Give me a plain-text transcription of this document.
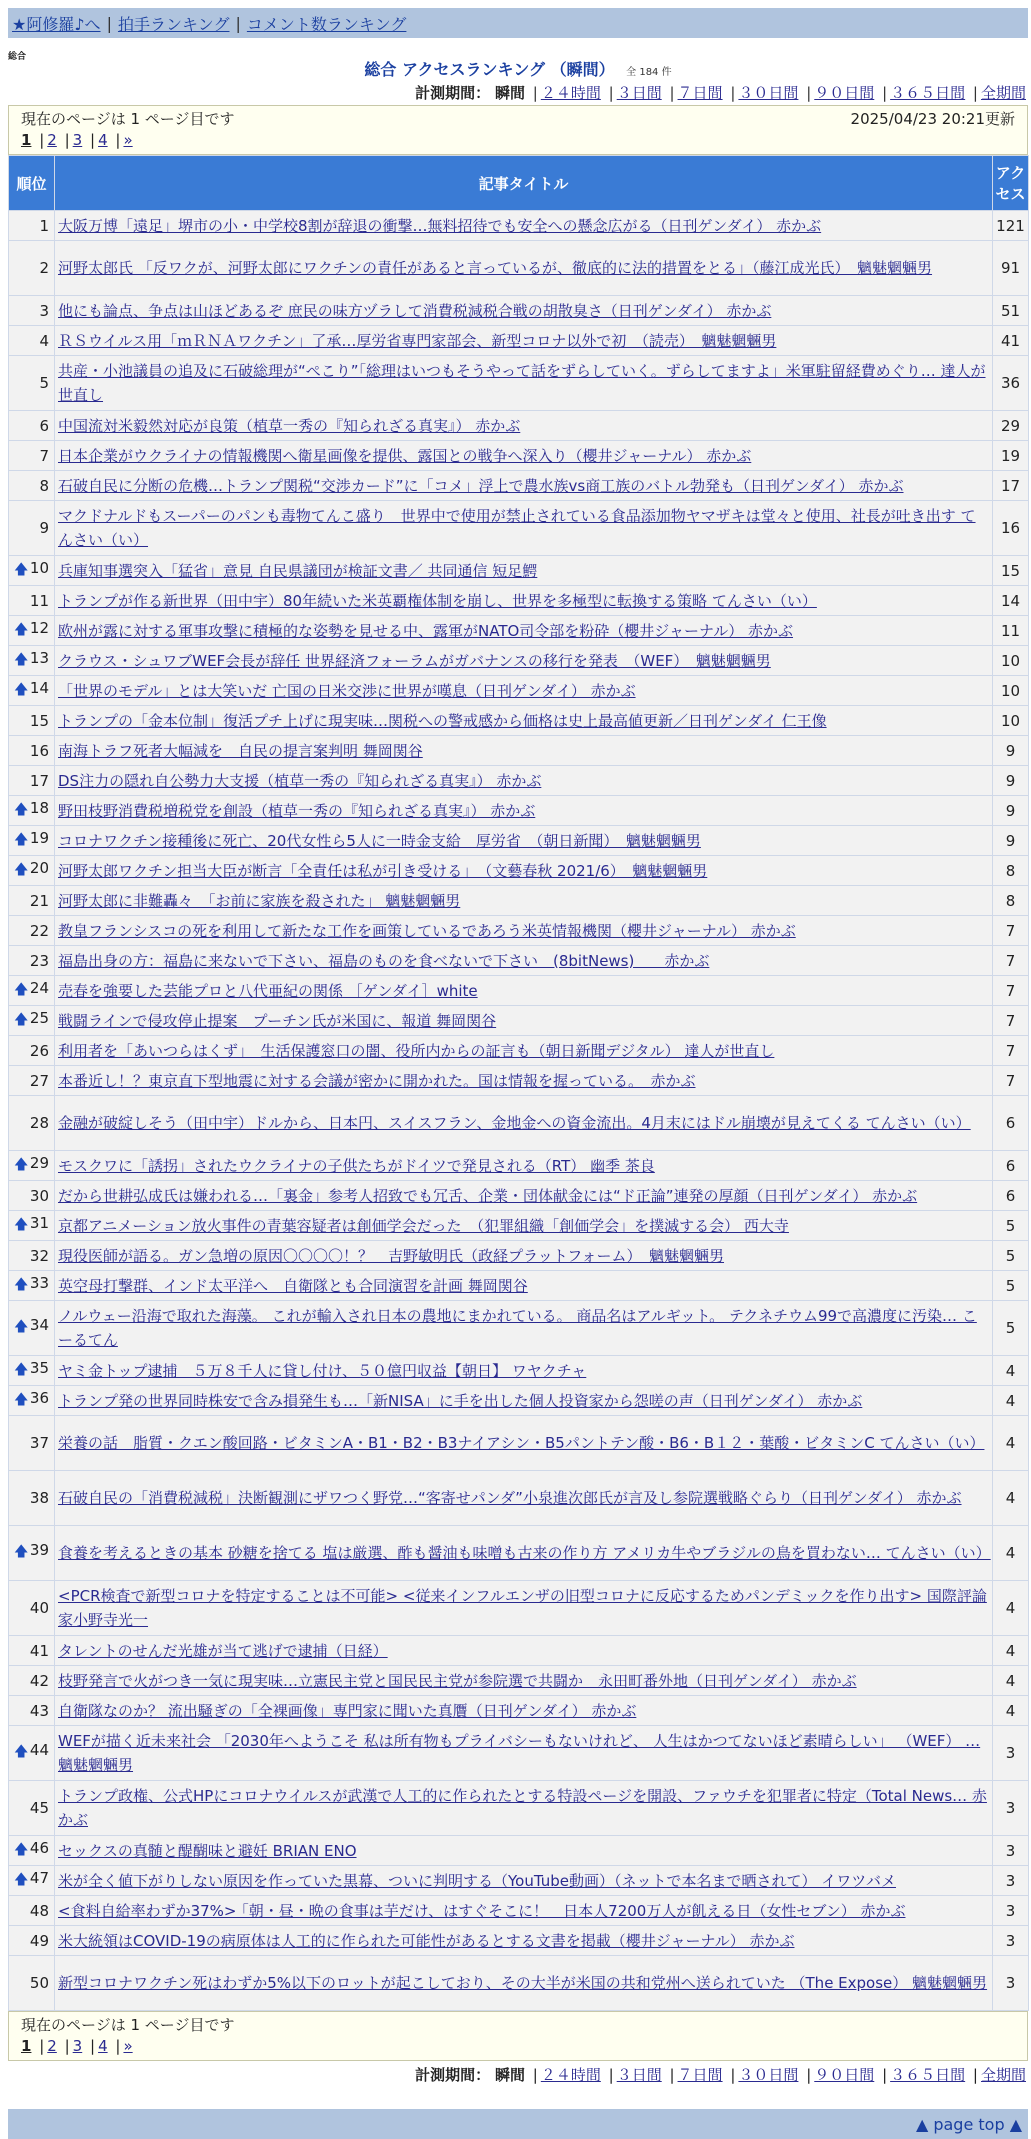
★阿修羅♪へ | 拍手ランキング | コメント数ランキング
総合
総合 アクセスランキング （瞬間） 全 184 件
計測期間： 瞬間 | ２４時間 | ３日間 | ７日間 | ３０日間 | ９０日間 | ３６５日間 | 全期間
現在のページは 1 ページ目です	2025/04/23 20:21更新
1 | 2 | 3 | 4 | »
順位	記事タイトル	アクセス
1	大阪万博「遠足」堺市の小・中学校8割が辞退の衝撃…無料招待でも安全への懸念広がる（日刊ゲンダイ） 赤かぶ	121
2	河野太郎氏 「反ワクが、河野太郎にワクチンの責任があると言っているが、徹底的に法的措置をとる」（藤江成光氏）　魑魅魍魎男	91
3	他にも論点、争点は山ほどあるぞ 庶民の味方ヅラして消費税減税合戦の胡散臭さ（日刊ゲンダイ） 赤かぶ	51
4	ＲＳウイルス用「ｍＲＮＡワクチン」了承…厚労省専門家部会、新型コロナ以外で初　（読売）　魑魅魍魎男	41
5	共産・小池議員の追及に石破総理が“ぺこり”「総理はいつもそうやって話をずらしていく。ずらしてますよ」米軍駐留経費めぐり… 達人が世直し	36
6	中国流対米毅然対応が良策（植草一秀の『知られざる真実』） 赤かぶ	29
7	日本企業がウクライナの情報機関へ衛星画像を提供、露国との戦争へ深入り（櫻井ジャーナル） 赤かぶ	19
8	石破自民に分断の危機…トランプ関税“交渉カード”に「コメ」浮上で農水族vs商工族のバトル勃発も（日刊ゲンダイ） 赤かぶ	17
9	マクドナルドもスーパーのパンも毒物てんこ盛り　世界中で使用が禁止されている食品添加物ヤマザキは堂々と使用、社長が吐き出す てんさい（い）	16

🡅 10	兵庫知事選突入「猛省」意見 自民県議団が検証文書／ 共同通信 短足鰐	15
11	トランプが作る新世界（田中宇）80年続いた米英覇権体制を崩し、世界を多極型に転換する策略 てんさい（い）	14

🡅 12	欧州が露に対する軍事攻撃に積極的な姿勢を見せる中、露軍がNATO司令部を粉砕（櫻井ジャーナル） 赤かぶ	11

🡅 13	クラウス・シュワブWEF会長が辞任 世界経済フォーラムがガバナンスの移行を発表　（WEF）　魑魅魍魎男	10

🡅 14	「世界のモデル」とは大笑いだ 亡国の日米交渉に世界が嘆息（日刊ゲンダイ） 赤かぶ	10
15	トランプの「金本位制」復活プチ上げに現実味…関税への警戒感から価格は史上最高値更新／日刊ゲンダイ 仁王像	10
16	南海トラフ死者大幅減を　自民の提言案判明 舞岡関谷	9
17	DS注力の隠れ自公勢力大支援（植草一秀の『知られざる真実』） 赤かぶ	9

🡅 18	野田枝野消費税増税党を創設（植草一秀の『知られざる真実』） 赤かぶ	9

🡅 19	コロナワクチン接種後に死亡、20代女性ら5人に一時金支給　厚労省　（朝日新聞）　魑魅魍魎男	9

🡅 20	河野太郎ワクチン担当大臣が断言「全責任は私が引き受ける」　（文藝春秋 2021/6）　魑魅魍魎男	8
21	河野太郎に非難轟々　「お前に家族を殺された」 魑魅魍魎男	8
22	教皇フランシスコの死を利用して新たな工作を画策しているであろう米英情報機関（櫻井ジャーナル） 赤かぶ	7
23	福島出身の方：福島に来ないで下さい、福島のものを食べないで下さい　(8bitNews)　　赤かぶ	7

🡅 24	売春を強要した芸能プロと八代亜紀の関係 ［ゲンダイ］white	7

🡅 25	戦闘ラインで侵攻停止提案　プーチン氏が米国に、報道 舞岡関谷	7
26	利用者を「あいつらはくず」　生活保護窓口の闇、役所内からの証言も（朝日新聞デジタル） 達人が世直し	7
27	本番近し！？東京直下型地震に対する会議が密かに開かれた。国は情報を握っている。　赤かぶ	7
28	金融が破綻しそう（田中宇）ドルから、日本円、スイスフラン、金地金への資金流出。4月末にはドル崩壊が見えてくる てんさい（い）	6

🡅 29	モスクワに「誘拐」されたウクライナの子供たちがドイツで発見される（RT） 幽季 茶良	6
30	だから世耕弘成氏は嫌われる…「裏金」参考人招致でも冗舌、企業・団体献金には“ド正論”連発の厚顔（日刊ゲンダイ） 赤かぶ	6

🡅 31	京都アニメーション放火事件の青葉容疑者は創価学会だった　（犯罪組織「創価学会」を撲滅する会） 西大寺	5
32	現役医師が語る。ガン急増の原因〇〇〇〇！？　吉野敏明氏（政経プラットフォーム）　魑魅魍魎男	5

🡅 33	英空母打撃群、インド太平洋へ　自衛隊とも合同演習を計画 舞岡関谷	5

🡅 34	ノルウェー沿海で取れた海藻。 これが輸入され日本の農地にまかれている。 商品名はアルギット。 テクネチウム99で高濃度に汚染… こーるてん	5

🡅 35	ヤミ金トップ逮捕　５万８千人に貸し付け、５０億円収益【朝日】 ワヤクチャ	4

🡅 36	トランプ発の世界同時株安で含み損発生も…「新NISA」に手を出した個人投資家から怨嗟の声（日刊ゲンダイ） 赤かぶ	4
37	栄養の話　脂質・クエン酸回路・ビタミンA・B1・B2・B3ナイアシン・B5パントテン酸・B6・B１２・葉酸・ビタミンC てんさい（い）	4
38	石破自民の「消費税減税」決断観測にザワつく野党…“客寄せパンダ”小泉進次郎氏が言及し参院選戦略ぐらり（日刊ゲンダイ） 赤かぶ	4

🡅 39	食養を考えるときの基本 砂糖を捨てる 塩は厳選、酢も醤油も味噌も古来の作り方 アメリカ牛やブラジルの鳥を買わない… てんさい（い）	4
40	<PCR検査で新型コロナを特定することは不可能> <従来インフルエンザの旧型コロナに反応するためパンデミックを作り出す> 国際評論家小野寺光一	4
41	タレントのせんだ光雄が当て逃げで逮捕（日経）	4
42	枝野発言で火がつき一気に現実味…立憲民主党と国民民主党が参院選で共闘か　永田町番外地（日刊ゲンダイ） 赤かぶ	4
43	自衛隊なのか？ 流出騒ぎの「全裸画像」専門家に聞いた真贋（日刊ゲンダイ） 赤かぶ	4

🡅 44	WEFが描く近未来社会 「2030年へようこそ 私は所有物もプライバシーもないけれど、 人生はかつてないほど素晴らしい」 （WEF） … 魑魅魍魎男	3
45	トランプ政権、公式HPにコロナウイルスが武漢で人工的に作られたとする特設ページを開設、ファウチを犯罪者に特定（Total News… 赤かぶ	3

🡅 46	セックスの真髄と醍醐味と避妊 BRIAN ENO	3

🡅 47	米が全く値下がりしない原因を作っていた黒幕、ついに判明する（YouTube動画）（ネットで本名まで晒されて） イワツバメ	3
48	<食料自給率わずか37%> ｢朝・昼・晩の食事は芋だけ、はすぐそこに！　日本人7200万人が飢える日（女性セブン） 赤かぶ	3
49	米大統領はCOVID-19の病原体は人工的に作られた可能性があるとする文書を掲載（櫻井ジャーナル） 赤かぶ	3
50	新型コロナワクチン死はわずか5%以下のロットが起こしており、その大半が米国の共和党州へ送られていた （The Expose） 魑魅魍魎男	3
現在のページは 1 ページ目です
1 | 2 | 3 | 4 | »
計測期間： 瞬間 | ２４時間 | ３日間 | ７日間 | ３０日間 | ９０日間 | ３６５日間 | 全期間
▲ page top ▲
